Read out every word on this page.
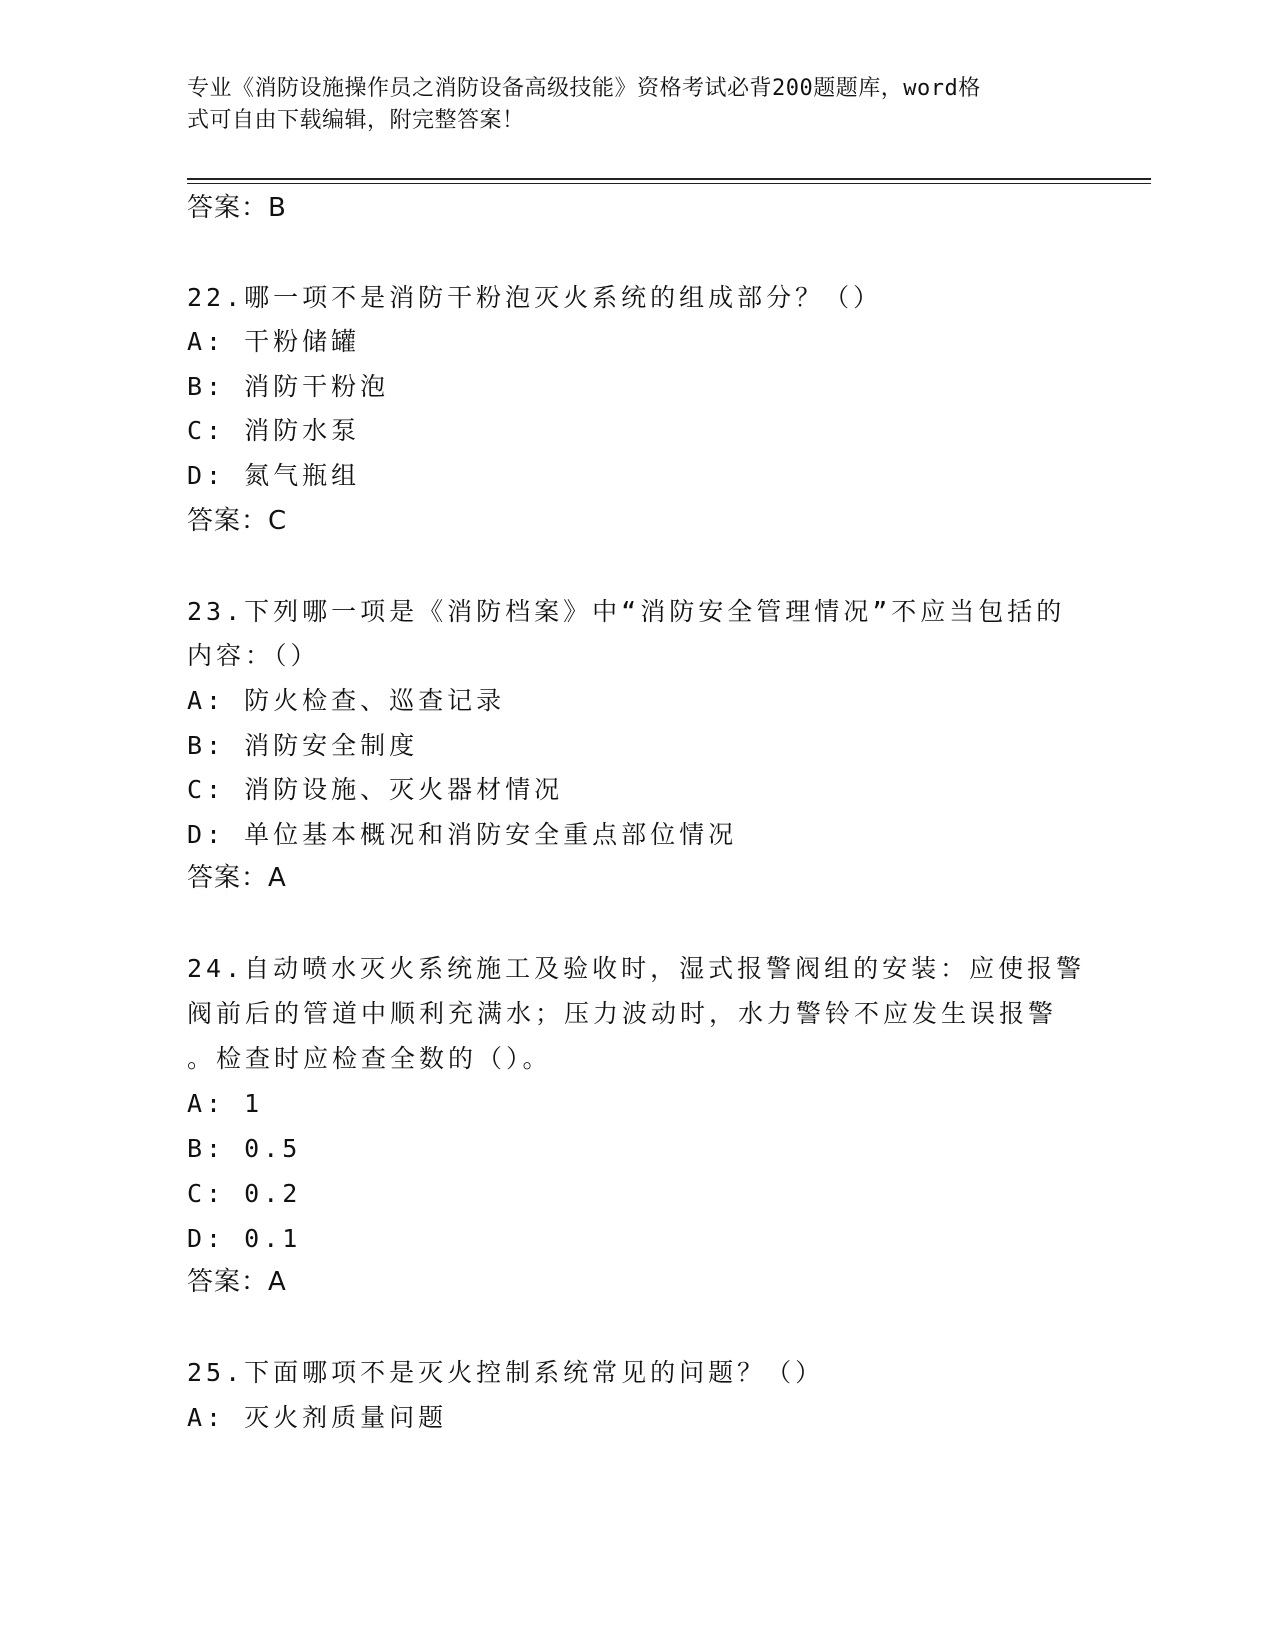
专业《消防设施操作员之消防设备高级技能》资格考试必背200题题库，word格
式可自由下载编辑，附完整答案！
答案：B
22.哪一项不是消防干粉泡灭火系统的组成部分？（）
A: 干粉储罐
B: 消防干粉泡
C: 消防水泵
D: 氮气瓶组
答案：C
23.下列哪一项是《消防档案》中“消防安全管理情况”不应当包括的
内容：（）
A: 防火检查、巡查记录
B: 消防安全制度
C: 消防设施、灭火器材情况
D: 单位基本概况和消防安全重点部位情况
答案：A
24.自动喷水灭火系统施工及验收时，湿式报警阀组的安装：应使报警
阀前后的管道中顺利充满水；压力波动时，水力警铃不应发生误报警
。检查时应检查全数的（）。
A: 1
B: 0.5
C: 0.2
D: 0.1
答案：A
25.下面哪项不是灭火控制系统常见的问题？（）
A: 灭火剂质量问题
